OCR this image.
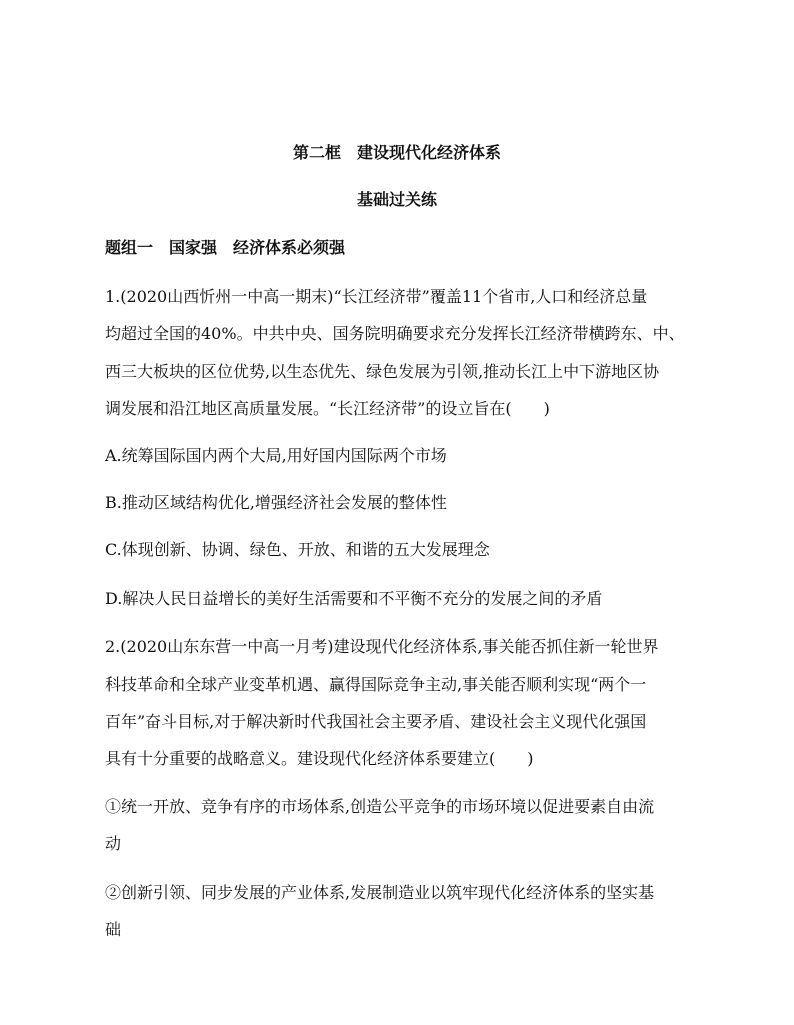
第二框　建设现代化经济体系
基础过关练
题组一　国家强　经济体系必须强
1.(2020山西忻州一中高一期末)“长江经济带”覆盖11个省市,人口和经济总量
均超过全国的40%。中共中央、国务院明确要求充分发挥长江经济带横跨东、中、
西三大板块的区位优势,以生态优先、绿色发展为引领,推动长江上中下游地区协
调发展和沿江地区高质量发展。“长江经济带”的设立旨在(　　)
A.统筹国际国内两个大局,用好国内国际两个市场
B.推动区域结构优化,增强经济社会发展的整体性
C.体现创新、协调、绿色、开放、和谐的五大发展理念
D.解决人民日益增长的美好生活需要和不平衡不充分的发展之间的矛盾
2.(2020山东东营一中高一月考)建设现代化经济体系,事关能否抓住新一轮世界
科技革命和全球产业变革机遇、赢得国际竞争主动,事关能否顺利实现“两个一
百年”奋斗目标,对于解决新时代我国社会主要矛盾、建设社会主义现代化强国
具有十分重要的战略意义。建设现代化经济体系要建立(　　)
①统一开放、竞争有序的市场体系,创造公平竞争的市场环境以促进要素自由流
动
②创新引领、同步发展的产业体系,发展制造业以筑牢现代化经济体系的坚实基
础
